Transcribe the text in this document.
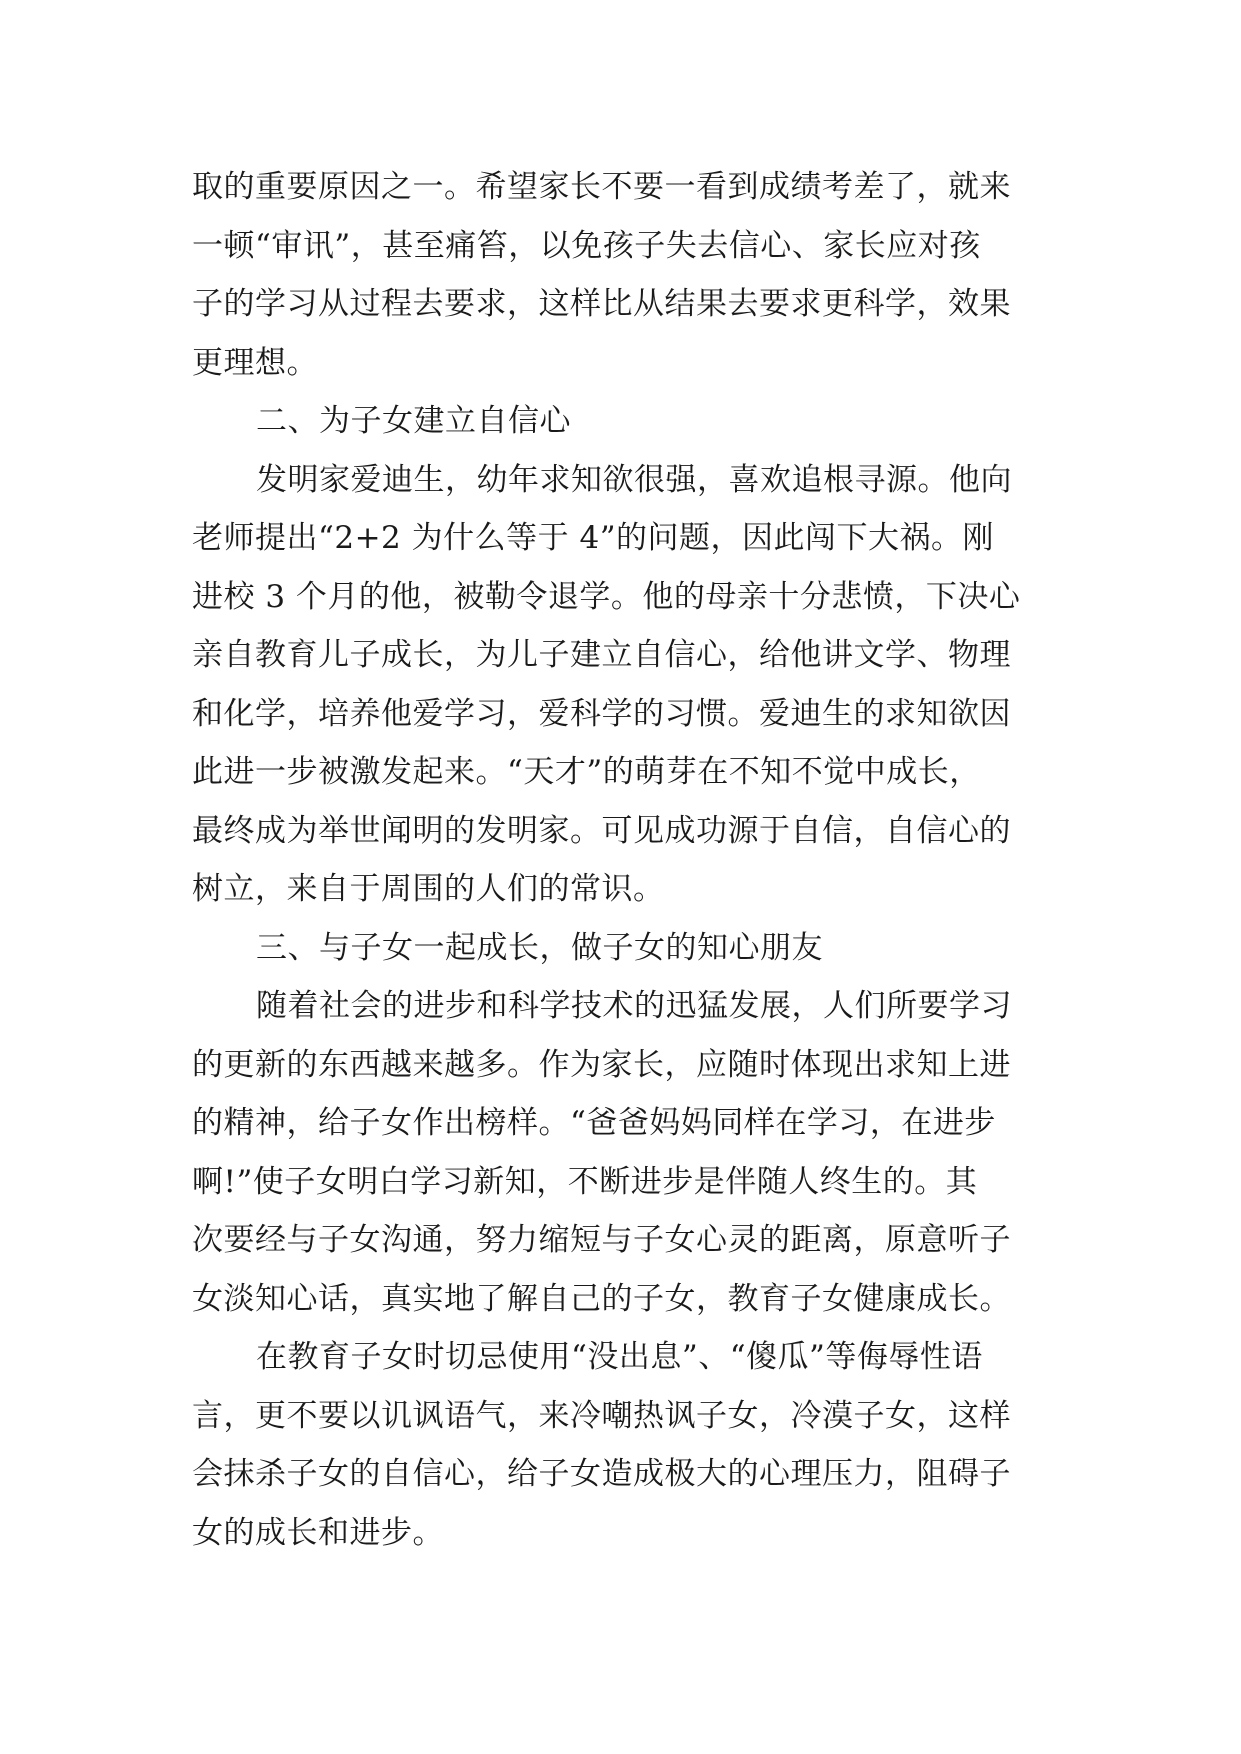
取的重要原因之一。希望家长不要一看到成绩考差了，就来
一顿“审讯”，甚至痛笞，以免孩子失去信心、家长应对孩
子的学习从过程去要求，这样比从结果去要求更科学，效果
更理想。
二、为子女建立自信心
发明家爱迪生，幼年求知欲很强，喜欢追根寻源。他向
老师提出“2+2 为什么等于 4”的问题，因此闯下大祸。刚
进校 3 个月的他，被勒令退学。他的母亲十分悲愤，下决心
亲自教育儿子成长，为儿子建立自信心，给他讲文学、物理
和化学，培养他爱学习，爱科学的习惯。爱迪生的求知欲因
此进一步被激发起来。“天才”的萌芽在不知不觉中成长，
最终成为举世闻明的发明家。可见成功源于自信，自信心的
树立，来自于周围的人们的常识。
三、与子女一起成长，做子女的知心朋友
随着社会的进步和科学技术的迅猛发展，人们所要学习
的更新的东西越来越多。作为家长，应随时体现出求知上进
的精神，给子女作出榜样。“爸爸妈妈同样在学习，在进步
啊!”使子女明白学习新知，不断进步是伴随人终生的。其
次要经与子女沟通，努力缩短与子女心灵的距离，原意听子
女淡知心话，真实地了解自己的子女，教育子女健康成长。
在教育子女时切忌使用“没出息”、“傻瓜”等侮辱性语
言，更不要以讥讽语气，来冷嘲热讽子女，冷漠子女，这样
会抹杀子女的自信心，给子女造成极大的心理压力，阻碍子
女的成长和进步。
